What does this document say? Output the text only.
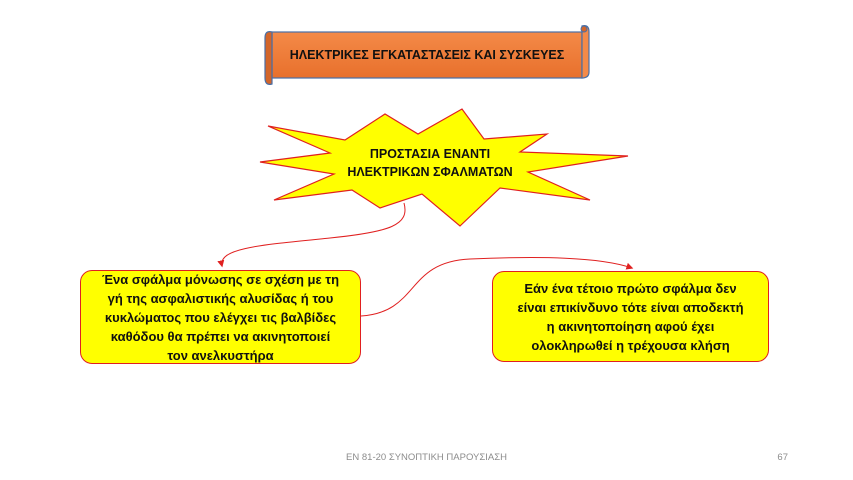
ΗΛΕΚΤΡΙΚΕΣ ΕΓΚΑΤΑΣΤΑΣΕΙΣ ΚΑΙ ΣΥΣΚΕΥΕΣ
ΠΡΟΣΤΑΣΙΑ ΕΝΑΝΤΙ
ΗΛΕΚΤΡΙΚΩΝ ΣΦΑΛΜΑΤΩΝ
Ένα σφάλμα μόνωσης σε σχέση με τη
γή της ασφαλιστικής αλυσίδας ή του
κυκλώματος που ελέγχει τις βαλβίδες
καθόδου θα πρέπει να ακινητοποιεί
τον ανελκυστήρα
Εάν ένα τέτοιο πρώτο σφάλμα δεν
είναι επικίνδυνο τότε είναι αποδεκτή
η ακινητοποίηση αφού έχει
ολοκληρωθεί η τρέχουσα κλήση
ΕΝ 81-20 ΣΥΝΟΠΤΙΚΗ ΠΑΡΟΥΣΙΑΣΗ	67
